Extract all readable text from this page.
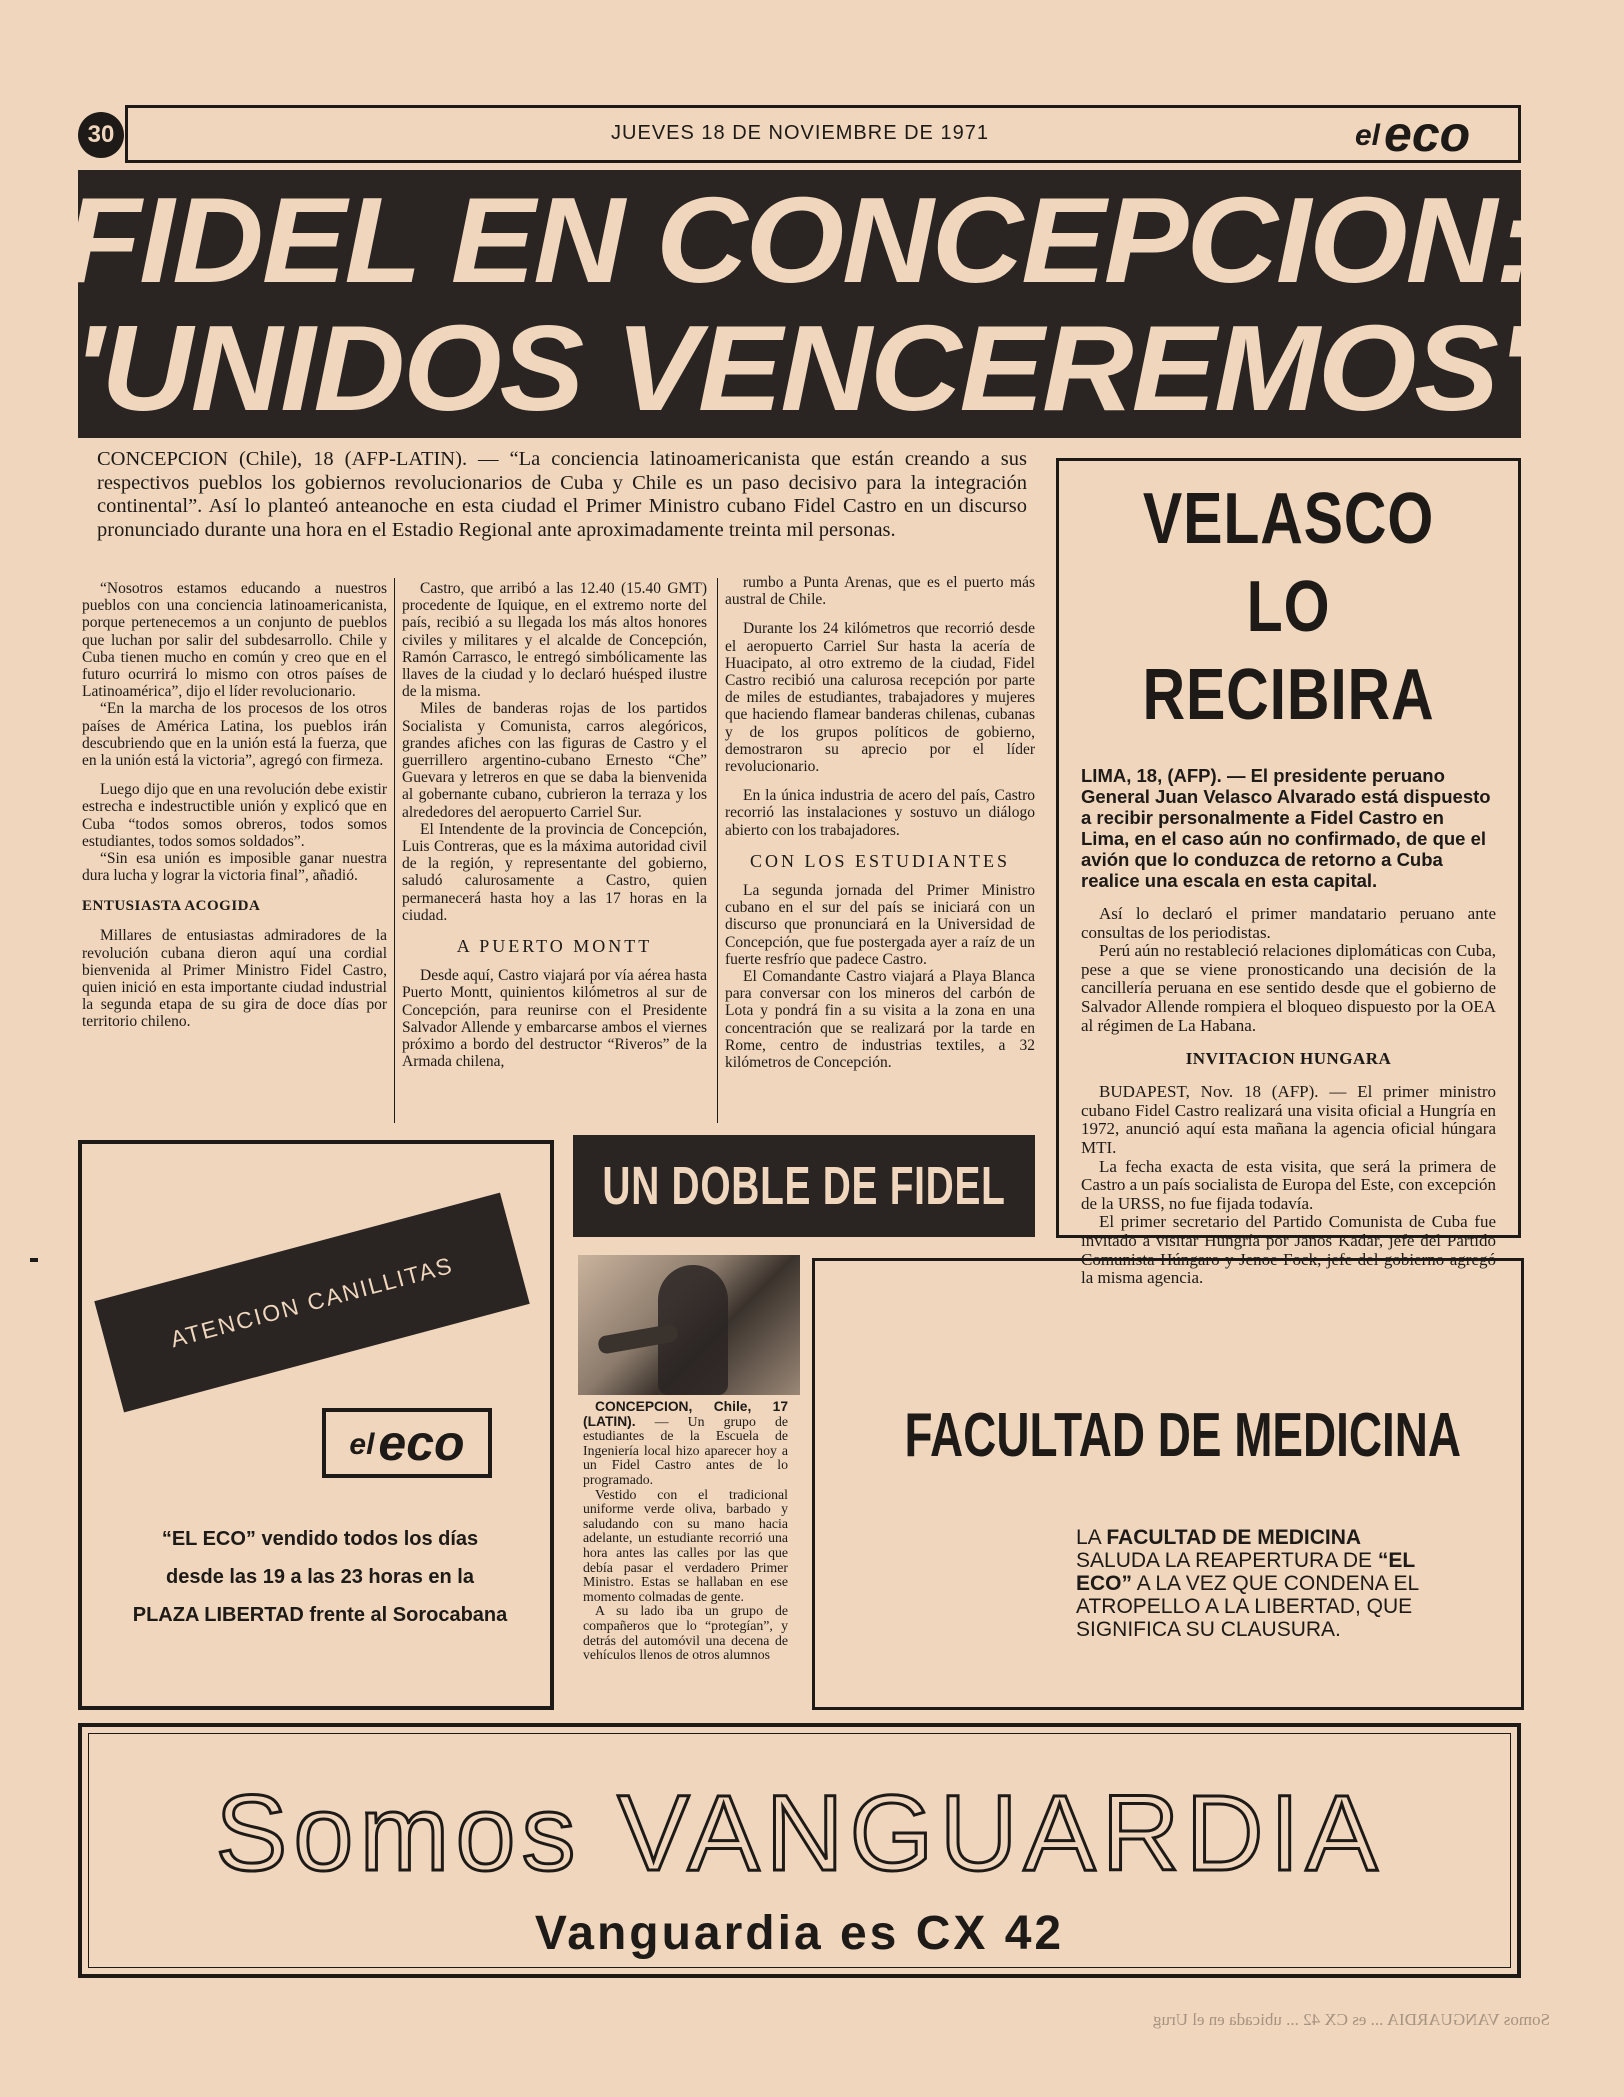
30	JUEVES 18 DE NOVIEMBRE DE 1971	eleco
FIDEL EN CONCEPCION:
'UNIDOS VENCEREMOS'
CONCEPCION (Chile), 18 (AFP-LATIN). — “La conciencia latinoamericanista que están creando a sus respectivos pueblos los gobiernos revolucionarios de Cuba y Chile es un paso decisivo para la integración continental”. Así lo planteó anteanoche en esta ciudad el Primer Ministro cubano Fidel Castro en un discurso pronunciado durante una hora en el Estadio Regional ante aproximadamente treinta mil personas.

“Nosotros estamos educando a nuestros pueblos con una conciencia latinoamericanista, porque pertenecemos a un conjunto de pueblos que luchan por salir del subdesarrollo. Chile y Cuba tienen mucho en común y creo que en el futuro ocurrirá lo mismo con otros países de Latinoamérica”, dijo el líder revolucionario.

“En la marcha de los procesos de los otros países de América Latina, los pueblos irán descubriendo que en la unión está la fuerza, que en la unión está la victoria”, agregó con firmeza.

Luego dijo que en una revolución debe existir estrecha e indestructible unión y explicó que en Cuba “todos somos obreros, todos somos estudiantes, todos somos soldados”.

“Sin esa unión es imposible ganar nuestra dura lucha y lograr la victoria final”, añadió.

ENTUSIASTA ACOGIDA

Millares de entusiastas admiradores de la revolución cubana dieron aquí una cordial bienvenida al Primer Ministro Fidel Castro, quien inició en esta importante ciudad industrial la segunda etapa de su gira de doce días por territorio chileno.

Castro, que arribó a las 12.40 (15.40 GMT) procedente de Iquique, en el extremo norte del país, recibió a su llegada los más altos honores civiles y militares y el alcalde de Concepción, Ramón Carrasco, le entregó simbólicamente las llaves de la ciudad y lo declaró huésped ilustre de la misma.

Miles de banderas rojas de los partidos Socialista y Comunista, carros alegóricos, grandes afiches con las figuras de Castro y el guerrillero argentino-cubano Ernesto “Che” Guevara y letreros en que se daba la bienvenida al gobernante cubano, cubrieron la terraza y los alrededores del aeropuerto Carriel Sur.

El Intendente de la provincia de Concepción, Luis Contreras, que es la máxima autoridad civil de la región, y representante del gobierno, saludó calurosamente a Castro, quien permanecerá hasta hoy a las 17 horas en la ciudad.

A PUERTO MONTT

Desde aquí, Castro viajará por vía aérea hasta Puerto Montt, quinientos kilómetros al sur de Concepción, para reunirse con el Presidente Salvador Allende y embarcarse ambos el viernes próximo a bordo del destructor “Riveros” de la Armada chilena,

rumbo a Punta Arenas, que es el puerto más austral de Chile.

Durante los 24 kilómetros que recorrió desde el aeropuerto Carriel Sur hasta la acería de Huacipato, al otro extremo de la ciudad, Fidel Castro recibió una calurosa recepción por parte de miles de estudiantes, trabajadores y mujeres que haciendo flamear banderas chilenas, cubanas y de los grupos políticos de gobierno, demostraron su aprecio por el líder revolucionario.

En la única industria de acero del país, Castro recorrió las instalaciones y sostuvo un diálogo abierto con los trabajadores.

CON LOS ESTUDIANTES

La segunda jornada del Primer Ministro cubano en el sur del país se iniciará con un discurso que pronunciará en la Universidad de Concepción, que fue postergada ayer a raíz de un fuerte resfrío que padece Castro.

El Comandante Castro viajará a Playa Blanca para conversar con los mineros del carbón de Lota y pondrá fin a su visita a la zona en una concentración que se realizará por la tarde en Rome, centro de industrias textiles, a 32 kilómetros de Concepción.

VELASCO LO
RECIBIRA
LIMA, 18, (AFP). — El presidente peruano General Juan Velasco Alvarado está dispuesto a recibir personalmente a Fidel Castro en Lima, en el caso aún no confirmado, de que el avión que lo conduzca de retorno a Cuba realice una escala en esta capital.

Así lo declaró el primer mandatario peruano ante consultas de los periodistas.

Perú aún no restableció relaciones diplomáticas con Cuba, pese a que se viene pronosticando una decisión de la cancillería peruana en ese sentido desde que el gobierno de Salvador Allende rompiera el bloqueo dispuesto por la OEA al régimen de La Habana.

INVITACION HUNGARA

BUDAPEST, Nov. 18 (AFP). — El primer ministro cubano Fidel Castro realizará una visita oficial a Hungría en 1972, anunció aquí esta mañana la agencia oficial húngara MTI.

La fecha exacta de esta visita, que será la primera de Castro a un país socialista de Europa del Este, con excepción de la URSS, no fue fijada todavía.

El primer secretario del Partido Comunista de Cuba fue invitado a visitar Hungría por Janos Kadar, jefe del Partido Comunista Húngaro y Jenoe Fock, jefe del gobierno agregó la misma agencia.

ATENCION CANILLITAS
eleco
“EL ECO” vendido todos los días
desde las 19 a las 23 horas en la
PLAZA LIBERTAD frente al Sorocabana
UN DOBLE DE FIDEL

CONCEPCION, Chile, 17 (LATIN). — Un grupo de estudiantes de la Escuela de Ingeniería local hizo aparecer hoy a un Fidel Castro antes de lo programado.

Vestido con el tradicional uniforme verde oliva, barbado y saludando con su mano hacia adelante, un estudiante recorrió una hora antes las calles por las que debía pasar el verdadero Primer Ministro. Estas se hallaban en ese momento colmadas de gente.

A su lado iba un grupo de compañeros que lo “protegían”, y detrás del automóvil una decena de vehículos llenos de otros alumnos

FACULTAD DE MEDICINA
LA FACULTAD DE MEDICINA SALUDA LA REAPERTURA DE “EL ECO” A LA VEZ QUE CONDENA EL ATROPELLO A LA LIBERTAD, QUE SIGNIFICA SU CLAUSURA.
Somos VANGUARDIA
Vanguardia es CX 42
Somos VANGUARDIA ... es CX 42 ... ubicada en el Urug
